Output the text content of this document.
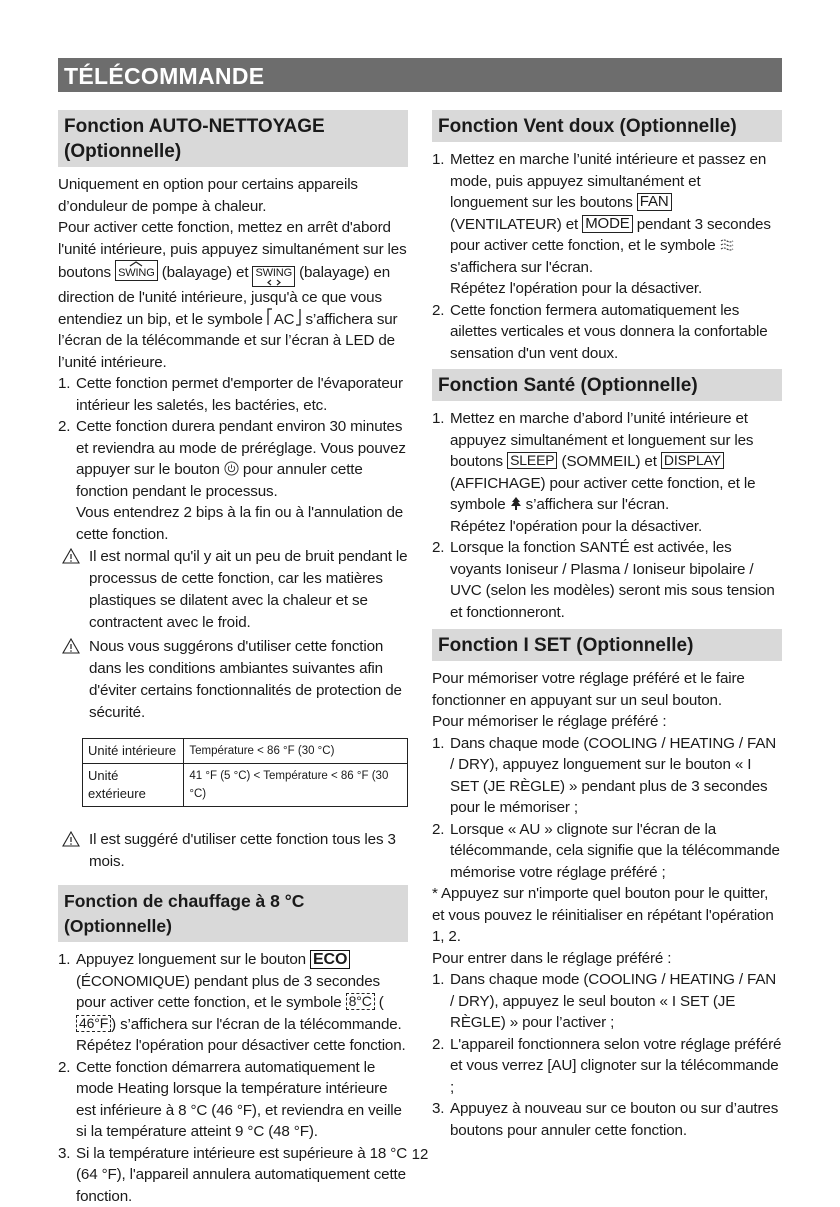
TÉLÉCOMMANDE
Fonction AUTO-NETTOYAGE (Optionnelle)

Uniquement en option pour certains appareils d’onduleur de pompe à chaleur.

Pour activer cette fonction, mettez en arrêt d'abord l'unité intérieure, puis appuyez simultanément sur les boutons SWING (balayage) et SWING (balayage) en direction de l'unité intérieure, jusqu'à ce que vous entendiez un bip, et le symbole AC s’affichera sur l’écran de la télécommande et sur l’écran à LED de l’unité intérieure.

1. Cette fonction permet d'emporter de l'évaporateur intérieur les saletés, les bactéries, etc.
2. Cette fonction durera pendant environ 30 minutes et reviendra au mode de préréglage. Vous pouvez appuyer sur le bouton pour annuler cette fonction pendant le processus.
Vous entendrez 2 bips à la fin ou à l'annulation de cette fonction.
Il est normal qu'il y ait un peu de bruit pendant le processus de cette fonction, car les matières plastiques se dilatent avec la chaleur et se contractent avec le froid.
Nous vous suggérons d'utiliser cette fonction dans les conditions ambiantes suivantes afin d'éviter certains fonctionnalités de protection de sécurité.
Unité intérieure	Température < 86 °F (30 °C)
Unité extérieure	41 °F (5 °C) < Température < 86 °F (30 °C)
Il est suggéré d'utiliser cette fonction tous les 3 mois.
Fonction de chauffage à 8 °C (Optionnelle)
1. Appuyez longuement sur le bouton ECO (ÉCONOMIQUE) pendant plus de 3 secondes pour activer cette fonction, et le symbole 8°C (46°F ) s’affichera sur l'écran de la télécommande.
Répétez l'opération pour désactiver cette fonction.
2. Cette fonction démarrera automatiquement le mode Heating lorsque la température intérieure est inférieure à 8 °C (46 °F), et reviendra en veille si la température atteint 9 °C (48 °F).
3. Si la température intérieure est supérieure à 18 °C (64 °F), l'appareil annulera automatiquement cette fonction.
Fonction Vent doux (Optionnelle)
1. Mettez en marche l’unité intérieure et passez en mode, puis appuyez simultanément et longuement sur les boutons FAN (VENTILATEUR) et MODE pendant 3 secondes pour activer cette fonction, et le symbole  s'affichera sur l'écran.
Répétez l'opération pour la désactiver.
2. Cette fonction fermera automatiquement les ailettes verticales et vous donnera la confortable sensation d'un vent doux.
Fonction Santé (Optionnelle)
1. Mettez en marche d’abord l’unité intérieure et appuyez simultanément et longuement sur les boutons SLEEP (SOMMEIL) et DISPLAY (AFFICHAGE) pour activer cette fonction, et le symbole s’affichera sur l'écran.
Répétez l'opération pour la désactiver.
2. Lorsque la fonction SANTÉ est activée, les voyants Ioniseur / Plasma / Ioniseur bipolaire / UVC (selon les modèles) seront mis sous tension et fonctionneront.
Fonction I SET (Optionnelle)

Pour mémoriser votre réglage préféré et le faire fonctionner en appuyant sur un seul bouton.

Pour mémoriser le réglage préféré :

1. Dans chaque mode (COOLING / HEATING / FAN / DRY), appuyez longuement sur le bouton « I SET (JE RÈGLE) » pendant plus de 3 secondes pour le mémoriser ;
2. Lorsque « AU » clignote sur l'écran de la télécommande, cela signifie que la télécommande mémorise votre réglage préféré ;

* Appuyez sur n'importe quel bouton pour le quitter, et vous pouvez le réinitialiser en répétant l'opération 1, 2.

Pour entrer dans le réglage préféré :

1. Dans chaque mode (COOLING / HEATING / FAN / DRY), appuyez le seul bouton « I SET (JE RÈGLE) » pour l’activer ;
2. L'appareil fonctionnera selon votre réglage préféré et vous verrez [AU] clignoter sur la télécommande ;
3. Appuyez à nouveau sur ce bouton ou sur d’autres boutons pour annuler cette fonction.
12
